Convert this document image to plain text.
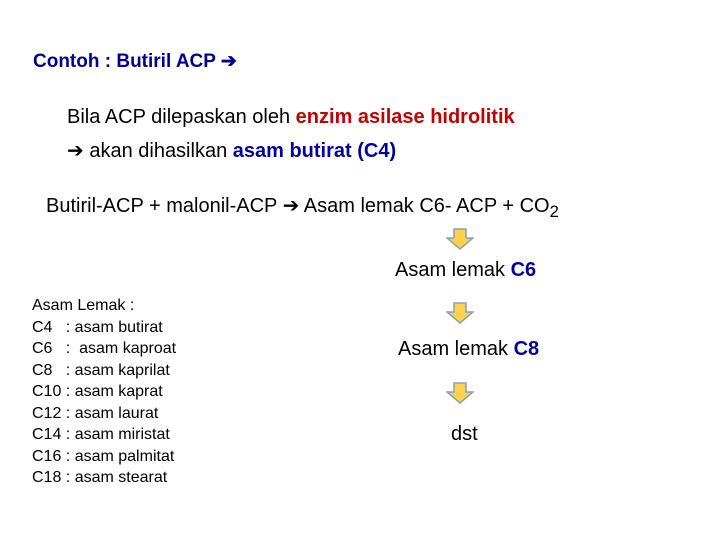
Contoh : Butiril ACP ➔
Bila ACP dilepaskan oleh enzim asilase hidrolitik
➔ akan dihasilkan asam butirat (C4)
Butiril-ACP + malonil-ACP ➔ Asam lemak C6- ACP + $CO_2$
Asam lemak C6
Asam lemak C8
dst
Asam Lemak :
C4   : asam butirat
C6   :  asam kaproat
C8   : asam kaprilat
C10 : asam kaprat
C12 : asam laurat
C14 : asam miristat
C16 : asam palmitat
C18 : asam stearat
